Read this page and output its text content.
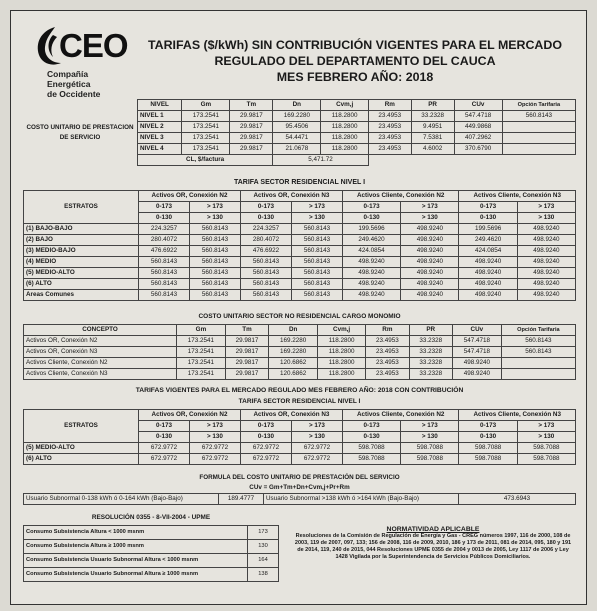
CEO
Compañía Energética
de Occidente
TARIFAS ($/kWh) SIN CONTRIBUCIÓN VIGENTES PARA EL MERCADO
REGULADO DEL DEPARTAMENTO DEL CAUCA
MES FEBRERO AÑO: 2018
	NIVEL	Gm	Tm	Dn	Cvm,j	Rm	PR	CUv	Opción Tarifaria
COSTO UNITARIO DE PRESTACION DE SERVICIO	NIVEL 1	173.2541	29.9817	169.2280	118.2800	23.4953	33.2328	547.4718	560.8143
	NIVEL 2	173.2541	29.9817	95.4506	118.2800	23.4953	9.4951	449.9868	
	NIVEL 3	173.2541	29.9817	54.4471	118.2800	23.4953	7.5381	407.2962	
	NIVEL 4	173.2541	29.9817	21.0678	118.2800	23.4953	4.6002	370.6790	
	CL, $/factura			5,471.72					
TARIFA SECTOR RESIDENCIAL NIVEL I
ESTRATOS	Activos OR, Conexión N2		Activos OR, Conexión N3		Activos Cliente, Conexión N2		Activos Cliente, Conexión N3	
	0-173	> 173	0-173	> 173	0-173	> 173	0-173	> 173
	0-130	> 130	0-130	> 130	0-130	> 130	0-130	> 130
(1) BAJO-BAJO	224.3257	560.8143	224.3257	560.8143	199.5696	498.9240	199.5696	498.9240
(2) BAJO	280.4072	560.8143	280.4072	560.8143	249.4620	498.9240	249.4620	498.9240
(3) MEDIO-BAJO	476.6922	560.8143	476.6922	560.8143	424.0854	498.9240	424.0854	498.9240
(4) MEDIO	560.8143	560.8143	560.8143	560.8143	498.9240	498.9240	498.9240	498.9240
(5) MEDIO-ALTO	560.8143	560.8143	560.8143	560.8143	498.9240	498.9240	498.9240	498.9240
(6) ALTO	560.8143	560.8143	560.8143	560.8143	498.9240	498.9240	498.9240	498.9240
Areas Comunes	560.8143	560.8143	560.8143	560.8143	498.9240	498.9240	498.9240	498.9240
COSTO UNITARIO SECTOR NO RESIDENCIAL CARGO MONOMIO
CONCEPTO	Gm	Tm	Dn	Cvm,j	Rm	PR	CUv	Opción Tarifaria
Activos OR, Conexión N2	173.2541	29.9817	169.2280	118.2800	23.4953	33.2328	547.4718	560.8143
Activos OR, Conexión N3	173.2541	29.9817	169.2280	118.2800	23.4953	33.2328	547.4718	560.8143
Activos Cliente, Conexión N2	173.2541	29.9817	120.6862	118.2800	23.4953	33.2328	498.9240	
Activos Cliente, Conexión N3	173.2541	29.9817	120.6862	118.2800	23.4953	33.2328	498.9240	
TARIFAS VIGENTES PARA EL MERCADO REGULADO MES FEBRERO AÑO: 2018 CON CONTRIBUCIÓN
TARIFA SECTOR RESIDENCIAL NIVEL I
ESTRATOS	Activos OR, Conexión N2		Activos OR, Conexión N3		Activos Cliente, Conexión N2		Activos Cliente, Conexión N3	
	0-173	> 173	0-173	> 173	0-173	> 173	0-173	> 173
	0-130	> 130	0-130	> 130	0-130	> 130	0-130	> 130
(5) MEDIO-ALTO	672.9772	672.9772	672.9772	672.9772	598.7088	598.7088	598.7088	598.7088
(6) ALTO	672.9772	672.9772	672.9772	672.9772	598.7088	598.7088	598.7088	598.7088
FORMULA DEL COSTO UNITARIO DE PRESTACIÓN DEL SERVICIO
CUv = Gm+Tm+Dn+Cvm,j+Pr+Rm
Usuario Subnormal 0-138 kWh ó 0-164 kWh (Bajo-Bajo)	189.4777	Usuario Subnormal >138 kWh ó >164 kWh (Bajo-Bajo)	473.6943
RESOLUCIÓN 0355 - 8-VII-2004 - UPME
Consumo Subsistencia Altura < 1000 msnm	173
Consumo Subsistencia Altura ≥ 1000 msnm	130
Consumo Subsistencia Usuario Subnormal Altura < 1000 msnm	164
Consumo Subsistencia Usuario Subnormal Altura ≥ 1000 msnm	138
NORMATIVIDAD APLICABLE
Resoluciones de la Comisión de Regulación de Energía y Gas - CREG números 1997, 116 de 2000, 108 de 2003, 119 de 2007, 097, 133; 156 de 2008, 116 de 2009, 2010, 186 y 173 de 2011, 081 de 2014, 095, 180 y 191 de 2014, 119, 240 de 2015, 044 Resoluciones UPME 0355 de 2004 y 0013 de 2005, Ley 1117 de 2006 y Ley 1428 Vigilada por la Superintendencia de Servicios Públicos Domiciliarios.
